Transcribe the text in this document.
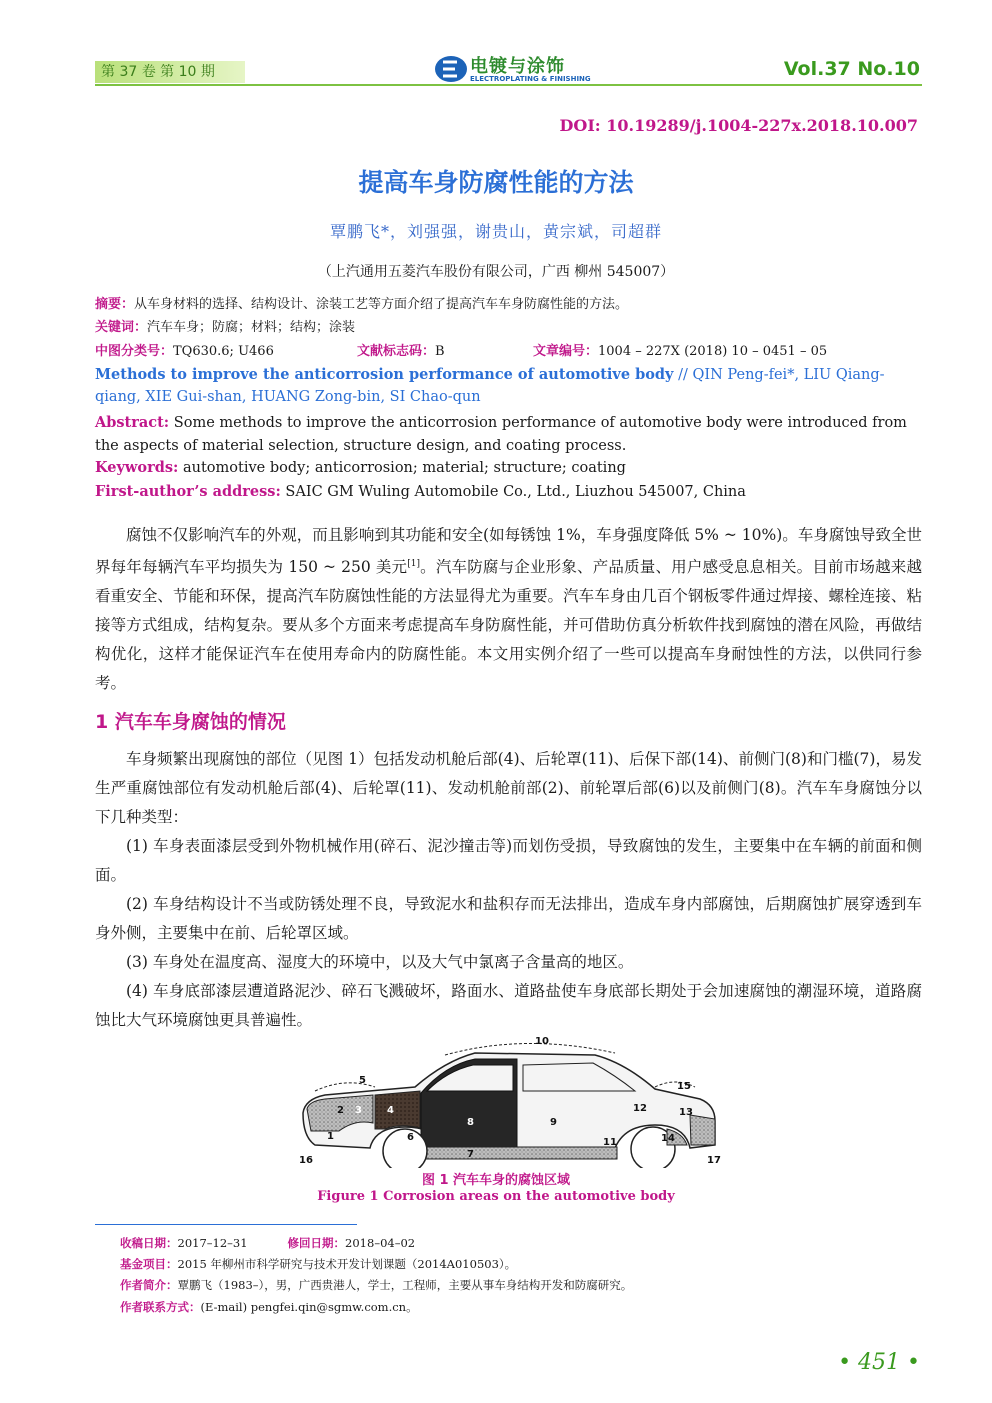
第 37 卷 第 10 期	电镀与涂饰
ELECTROPLATING & FINISHING	Vol.37 No.10
DOI: 10.19289/j.1004-227x.2018.10.007
提高车身防腐性能的方法
覃鹏飞*，刘强强，谢贵山，黄宗斌，司超群
（上汽通用五菱汽车股份有限公司，广西 柳州 545007）
摘要：从车身材料的选择、结构设计、涂装工艺等方面介绍了提高汽车车身防腐性能的方法。
关键词：汽车车身；防腐；材料；结构；涂装
中图分类号：TQ630.6; U466	文献标志码：B	文章编号：1004 – 227X (2018) 10 – 0451 – 05
Methods to improve the anticorrosion performance of automotive body // QIN Peng-fei*, LIU Qiang-qiang, XIE Gui-shan, HUANG Zong-bin, SI Chao-qun
Abstract: Some methods to improve the anticorrosion performance of automotive body were introduced from the aspects of material selection, structure design, and coating process.
Keywords: automotive body; anticorrosion; material; structure; coating
First-author’s address: SAIC GM Wuling Automobile Co., Ltd., Liuzhou 545007, China

腐蚀不仅影响汽车的外观，而且影响到其功能和安全(如每锈蚀 1%，车身强度降低 5% ~ 10%)。车身腐蚀导致全世界每年每辆汽车平均损失为 150 ~ 250 美元[1]。汽车防腐与企业形象、产品质量、用户感受息息相关。目前市场越来越看重安全、节能和环保，提高汽车防腐蚀性能的方法显得尤为重要。汽车车身由几百个钢板零件通过焊接、螺栓连接、粘接等方式组成，结构复杂。要从多个方面来考虑提高车身防腐性能，并可借助仿真分析软件找到腐蚀的潜在风险，再做结构优化，这样才能保证汽车在使用寿命内的防腐性能。本文用实例介绍了一些可以提高车身耐蚀性的方法，以供同行参考。

1 汽车车身腐蚀的情况

车身频繁出现腐蚀的部位（见图 1）包括发动机舱后部(4)、后轮罩(11)、后保下部(14)、前侧门(8)和门槛(7)，易发生严重腐蚀部位有发动机舱后部(4)、后轮罩(11)、发动机舱前部(2)、前轮罩后部(6)以及前侧门(8)。汽车车身腐蚀分以下几种类型：

(1) 车身表面漆层受到外物机械作用(碎石、泥沙撞击等)而划伤受损，导致腐蚀的发生，主要集中在车辆的前面和侧面。

(2) 车身结构设计不当或防锈处理不良，导致泥水和盐积存而无法排出，造成车身内部腐蚀，后期腐蚀扩展穿透到车身外侧，主要集中在前、后轮罩区域。

(3) 车身处在温度高、湿度大的环境中，以及大气中氯离子含量高的地区。

(4) 车身底部漆层遭道路泥沙、碎石飞溅破坏，路面水、道路盐使车身底部长期处于会加速腐蚀的潮湿环境，道路腐蚀比大气环境腐蚀更具普遍性。

1
2 3	4
5
6
7
8	9
10
11
12	13
14
15
16	17
图 1 汽车车身的腐蚀区域
Figure 1 Corrosion areas on the automotive body
收稿日期：2017–12–31	修回日期：2018–04–02
基金项目：2015 年柳州市科学研究与技术开发计划课题（2014A010503）。
作者简介：覃鹏飞（1983–），男，广西贵港人，学士，工程师，主要从事车身结构开发和防腐研究。
作者联系方式：(E-mail) pengfei.qin@sgmw.com.cn。
• 451 •
